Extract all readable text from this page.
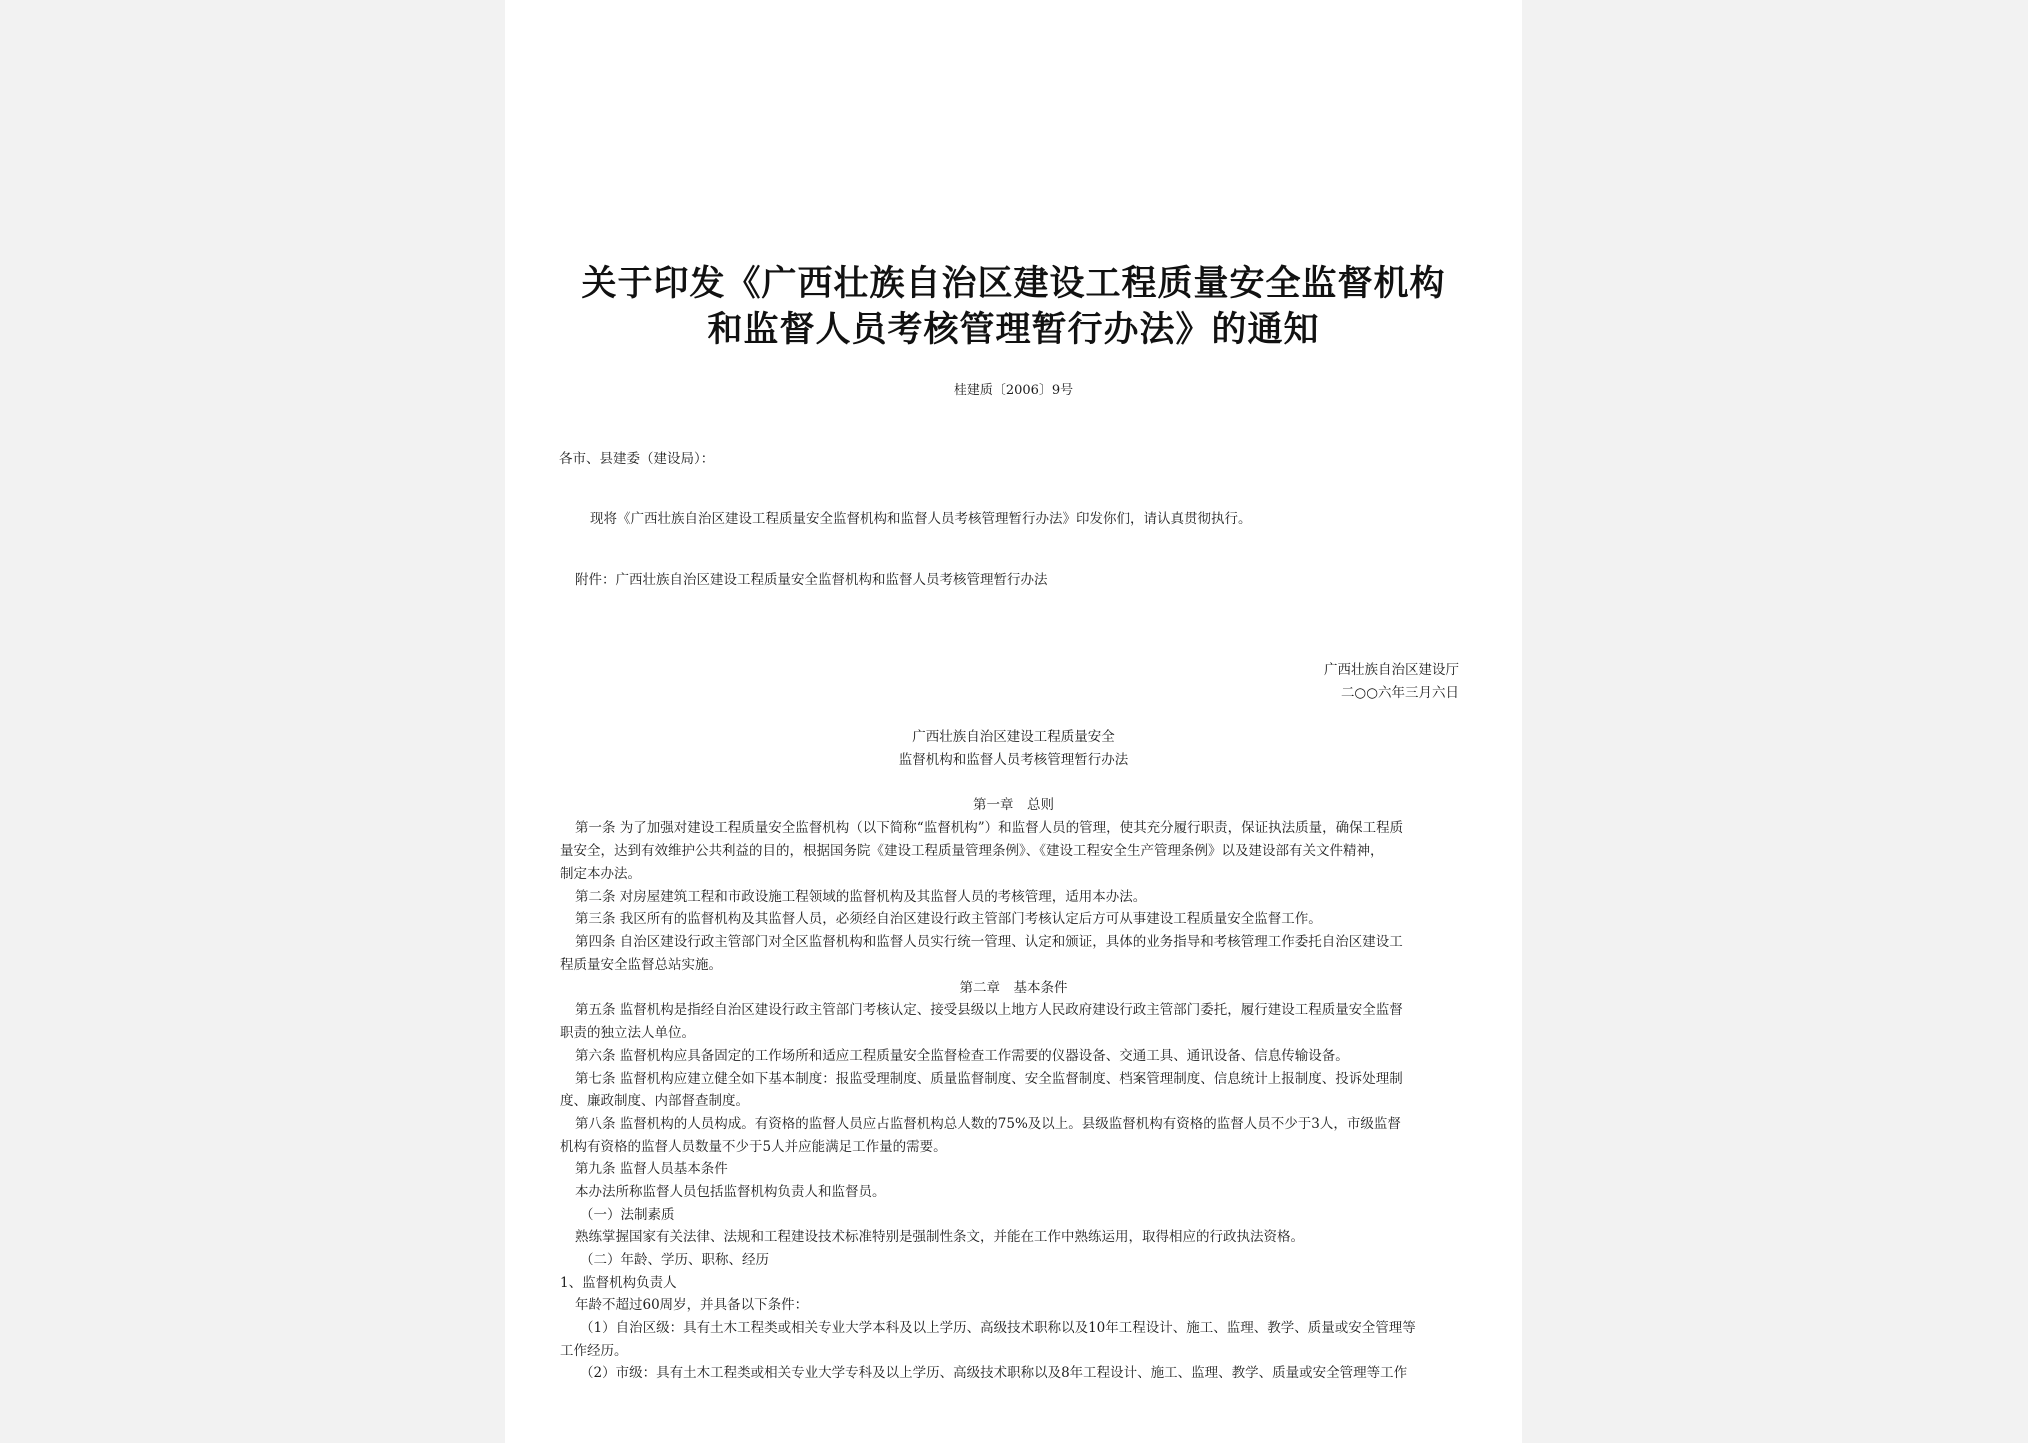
关于印发《广西壮族自治区建设工程质量安全监督机构
和监督人员考核管理暂行办法》的通知
桂建质〔2006〕9号
各市、县建委（建设局）：
现将《广西壮族自治区建设工程质量安全监督机构和监督人员考核管理暂行办法》印发你们，请认真贯彻执行。
附件：广西壮族自治区建设工程质量安全监督机构和监督人员考核管理暂行办法
广西壮族自治区建设厅
二○○六年三月六日
广西壮族自治区建设工程质量安全
监督机构和监督人员考核管理暂行办法
第一章　总则
第一条 为了加强对建设工程质量安全监督机构（以下简称“监督机构”）和监督人员的管理，使其充分履行职责，保证执法质量，确保工程质
量安全，达到有效维护公共利益的目的，根据国务院《建设工程质量管理条例》、《建设工程安全生产管理条例》以及建设部有关文件精神，
制定本办法。
第二条 对房屋建筑工程和市政设施工程领域的监督机构及其监督人员的考核管理，适用本办法。
第三条 我区所有的监督机构及其监督人员，必须经自治区建设行政主管部门考核认定后方可从事建设工程质量安全监督工作。
第四条 自治区建设行政主管部门对全区监督机构和监督人员实行统一管理、认定和颁证，具体的业务指导和考核管理工作委托自治区建设工
程质量安全监督总站实施。
第二章　基本条件
第五条 监督机构是指经自治区建设行政主管部门考核认定、接受县级以上地方人民政府建设行政主管部门委托，履行建设工程质量安全监督
职责的独立法人单位。
第六条 监督机构应具备固定的工作场所和适应工程质量安全监督检查工作需要的仪器设备、交通工具、通讯设备、信息传输设备。
第七条 监督机构应建立健全如下基本制度：报监受理制度、质量监督制度、安全监督制度、档案管理制度、信息统计上报制度、投诉处理制
度、廉政制度、内部督查制度。
第八条 监督机构的人员构成。有资格的监督人员应占监督机构总人数的75%及以上。县级监督机构有资格的监督人员不少于3人，市级监督
机构有资格的监督人员数量不少于5人并应能满足工作量的需要。
第九条 监督人员基本条件
本办法所称监督人员包括监督机构负责人和监督员。
（一）法制素质
熟练掌握国家有关法律、法规和工程建设技术标准特别是强制性条文，并能在工作中熟练运用，取得相应的行政执法资格。
（二）年龄、学历、职称、经历
1、监督机构负责人
年龄不超过60周岁，并具备以下条件：
（1）自治区级：具有土木工程类或相关专业大学本科及以上学历、高级技术职称以及10年工程设计、施工、监理、教学、质量或安全管理等
工作经历。
（2）市级：具有土木工程类或相关专业大学专科及以上学历、高级技术职称以及8年工程设计、施工、监理、教学、质量或安全管理等工作
